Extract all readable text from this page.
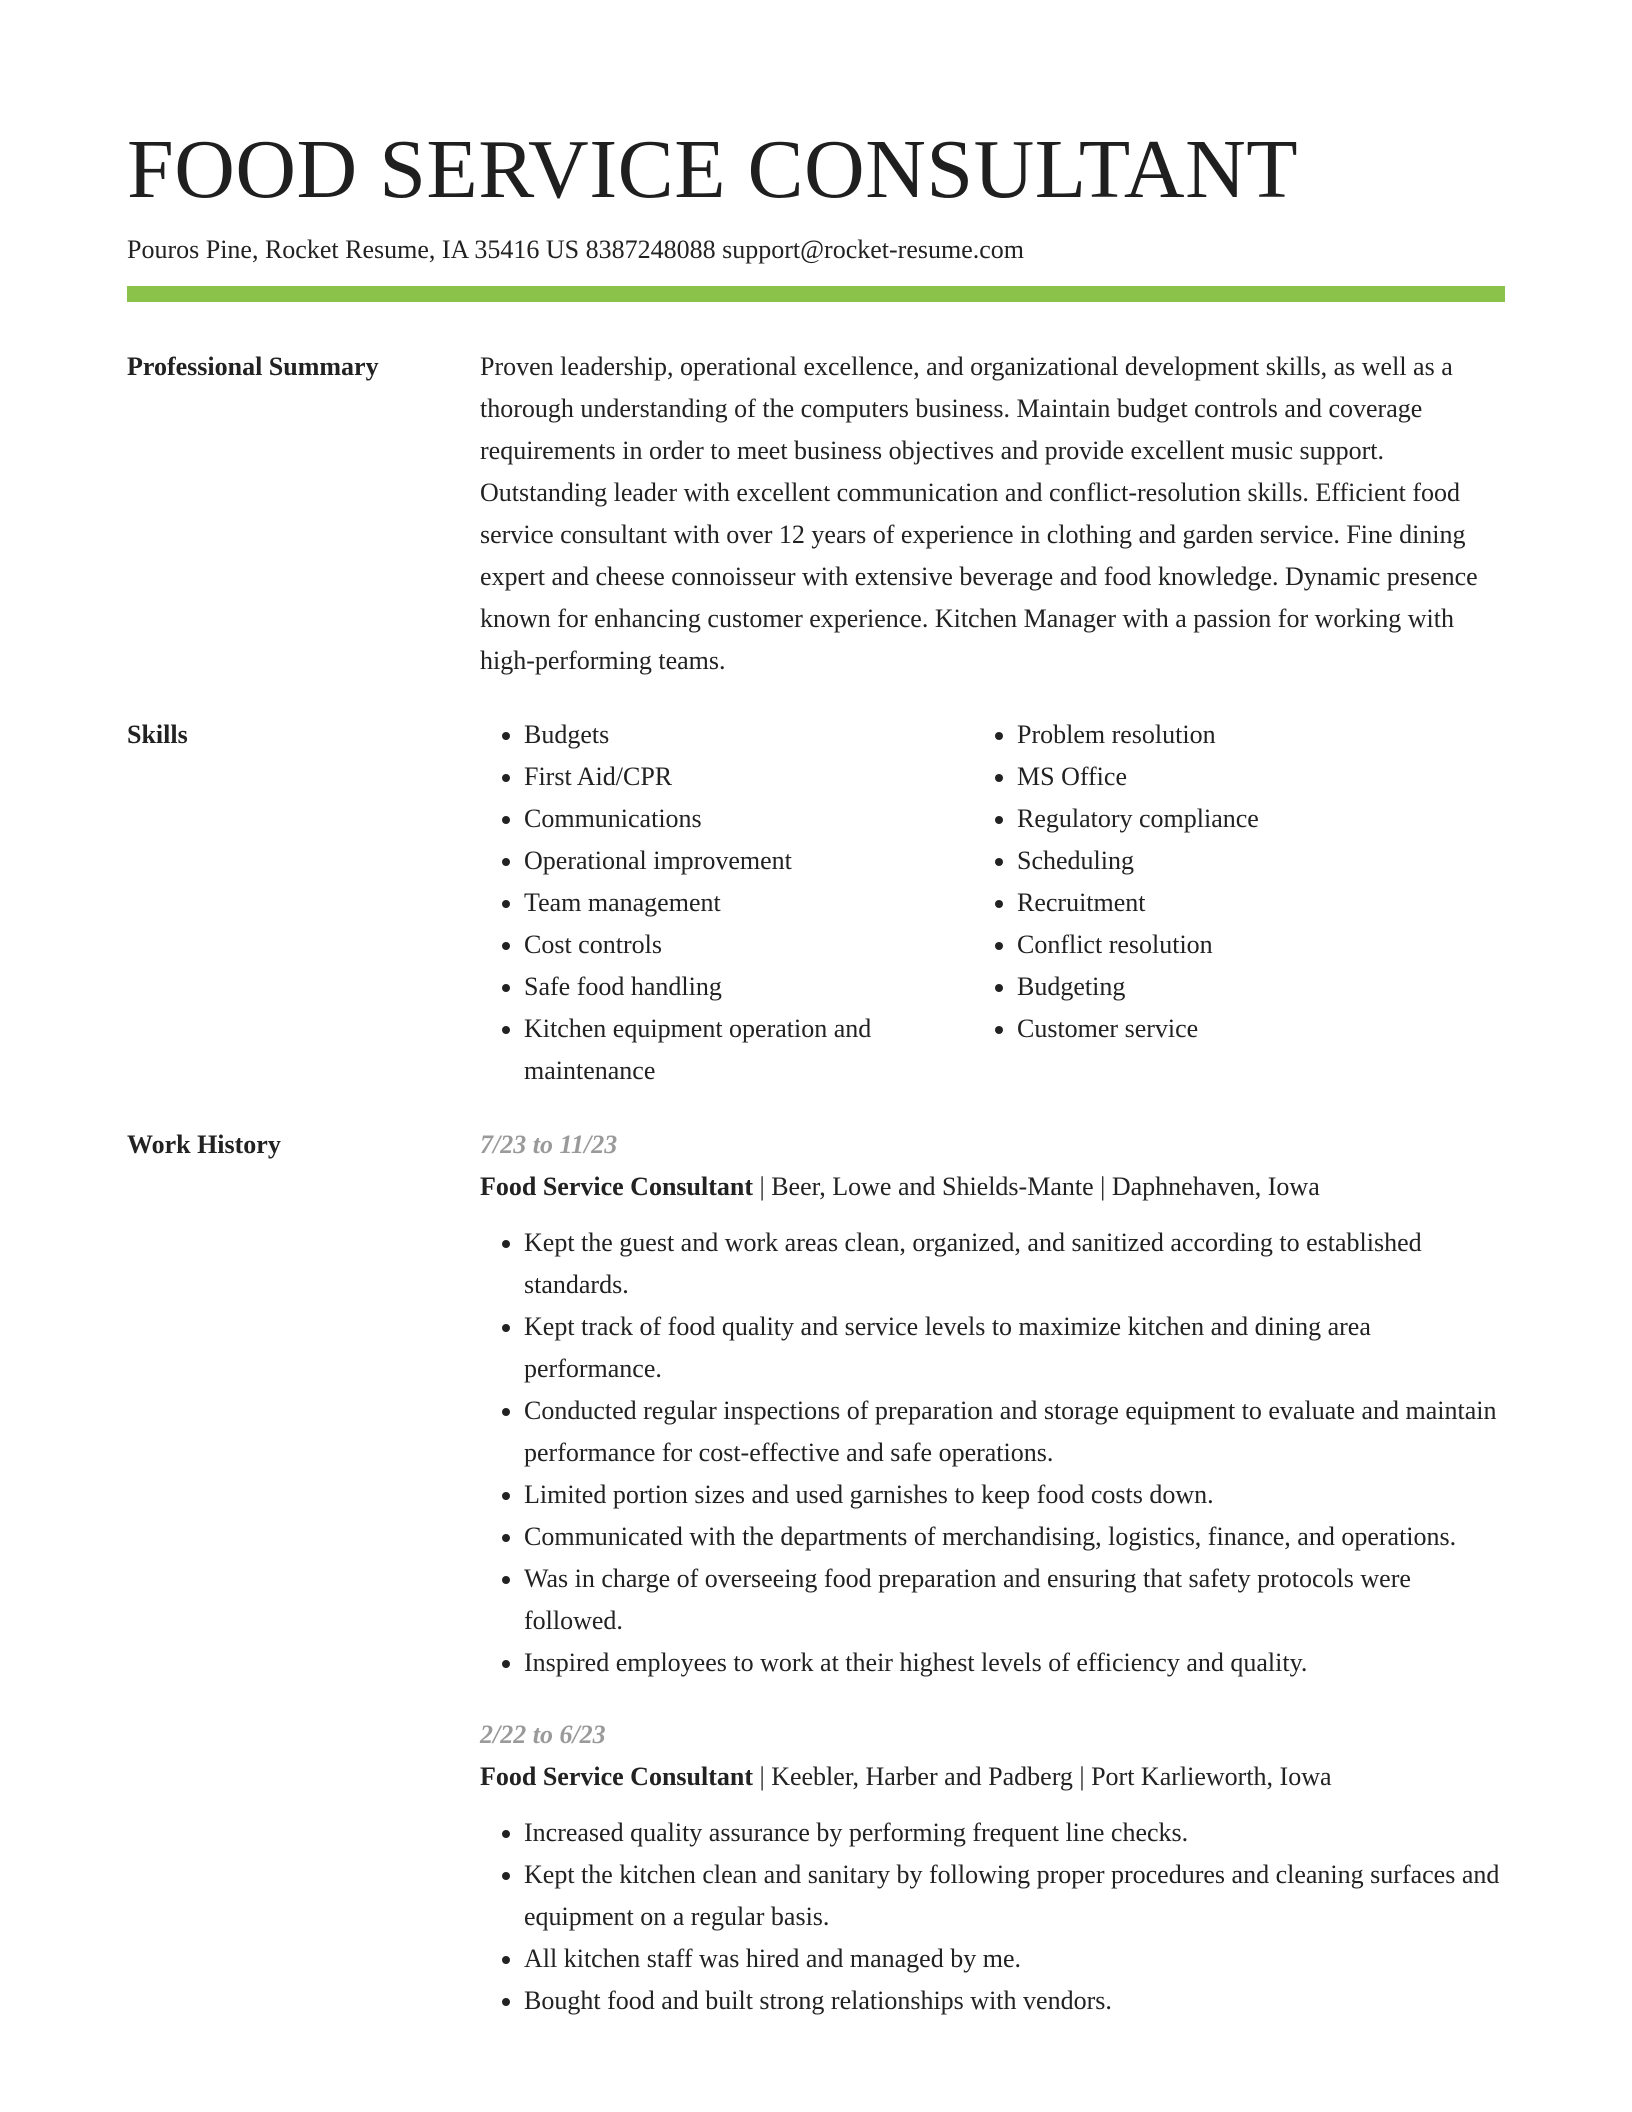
FOOD SERVICE CONSULTANT
Pouros Pine, Rocket Resume, IA 35416 US 8387248088 support@rocket-resume.com
Professional Summary	Proven leadership, operational excellence, and organizational development skills, as well as a thorough understanding of the computers business. Maintain budget controls and coverage requirements in order to meet business objectives and provide excellent music support. Outstanding leader with excellent communication and conflict-resolution skills. Efficient food service consultant with over 12 years of experience in clothing and garden service. Fine dining expert and cheese connoisseur with extensive beverage and food knowledge. Dynamic presence known for enhancing customer experience. Kitchen Manager with a passion for working with high-performing teams.

Skills
•	Budgets
• First Aid/CPR
• Communications
• Operational improvement
• Team management
• Cost controls
• Safe food handling
• Kitchen equipment operation and maintenance
• Problem resolution
• MS Office
• Regulatory compliance
• Scheduling
• Recruitment
• Conflict resolution
• Budgeting
• Customer service
Work History	7/23 to 11/23
Food Service Consultant | Beer, Lowe and Shields-Mante | Daphnehaven, Iowa
• Kept the guest and work areas clean, organized, and sanitized according to established standards.
• Kept track of food quality and service levels to maximize kitchen and dining area performance.
• Conducted regular inspections of preparation and storage equipment to evaluate and maintain performance for cost-effective and safe operations.
• Limited portion sizes and used garnishes to keep food costs down.
• Communicated with the departments of merchandising, logistics, finance, and operations.
• Was in charge of overseeing food preparation and ensuring that safety protocols were followed.
• Inspired employees to work at their highest levels of efficiency and quality.
2/22 to 6/23
Food Service Consultant | Keebler, Harber and Padberg | Port Karlieworth, Iowa
• Increased quality assurance by performing frequent line checks.
• Kept the kitchen clean and sanitary by following proper procedures and cleaning surfaces and equipment on a regular basis.
• All kitchen staff was hired and managed by me.
• Bought food and built strong relationships with vendors.
